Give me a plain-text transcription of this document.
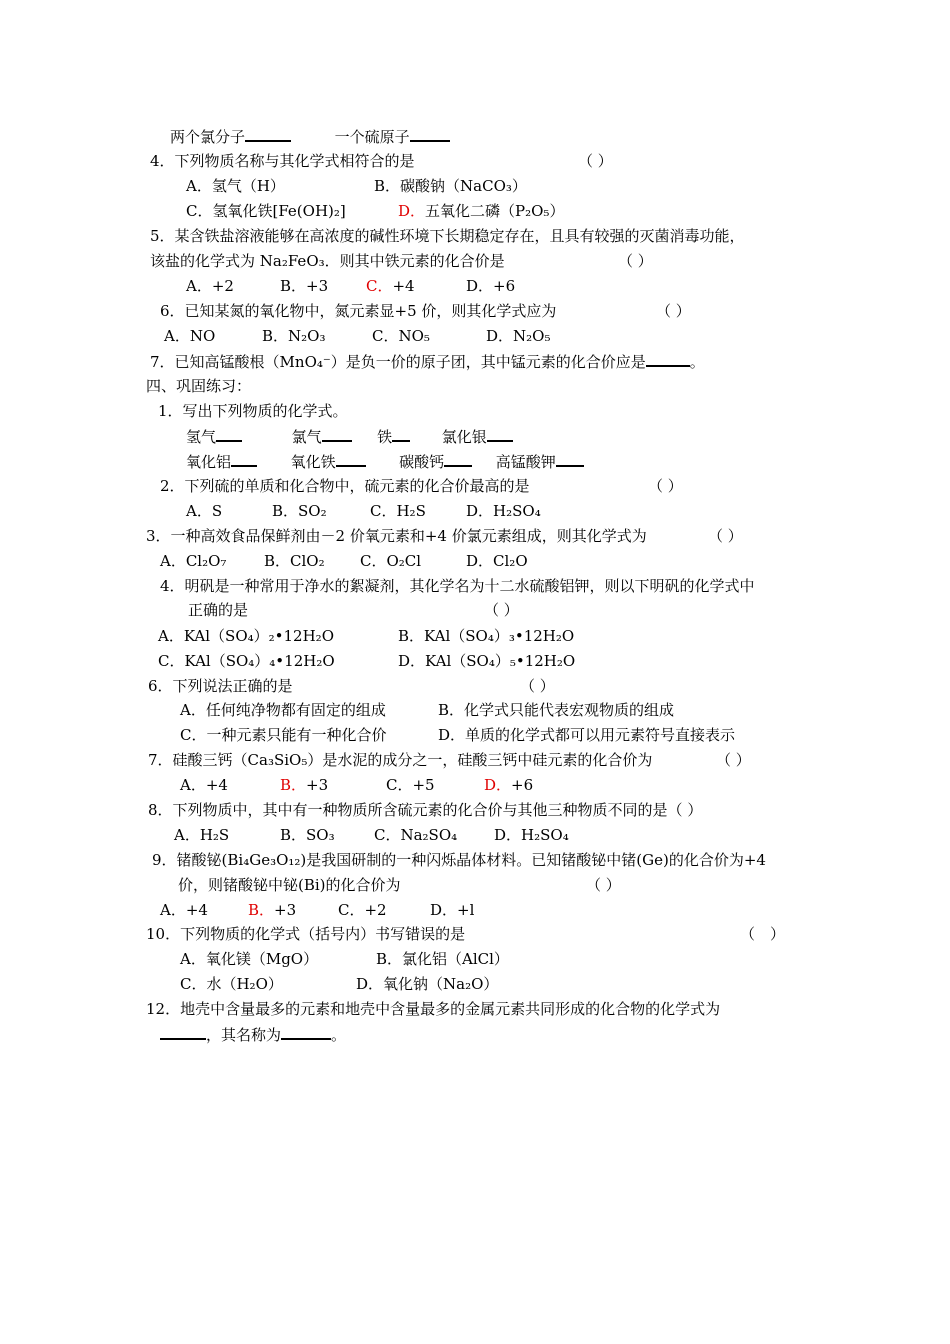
两个氯分子	一个硫原子
4．下列物质名称与其化学式相符合的是	（ ）
A．氢气（H）	B．碳酸钠（NaCO₃）
C．氢氧化铁[Fe(OH)₂]	D．五氧化二磷（P₂O₅）
5．某含铁盐溶液能够在高浓度的碱性环境下长期稳定存在，且具有较强的灭菌消毒功能，
该盐的化学式为 Na₂FeO₃．则其中铁元素的化合价是	（ ）
A．+2	B．+3	C．+4	D．+6
6．已知某氮的氧化物中，氮元素显+5 价，则其化学式应为	（ ）
A．NO	B．N₂O₃	C．NO₅	D．N₂O₅
7．已知高锰酸根（MnO₄⁻）是负一价的原子团，其中锰元素的化合价应是	。
四、巩固练习：
1．写出下列物质的化学式。
氢气	氯气	铁	氯化银
氧化铝	氧化铁	碳酸钙	高锰酸钾
2．下列硫的单质和化合物中，硫元素的化合价最高的是	（ ）
A．S	B．SO₂	C．H₂S	D．H₂SO₄
3．一种高效食品保鲜剂由－2 价氧元素和+4 价氯元素组成，则其化学式为	（ ）
A．Cl₂O₇	B．ClO₂ C．O₂Cl	D．Cl₂O
4．明矾是一种常用于净水的絮凝剂，其化学名为十二水硫酸铝钾，则以下明矾的化学式中
正确的是	（ ）
A．KAl（SO₄）₂•12H₂O	B．KAl（SO₄）₃•12H₂O
C．KAl（SO₄）₄•12H₂O	D．KAl（SO₄）₅•12H₂O
6．下列说法正确的是	（ ）
A．任何纯净物都有固定的组成	B．化学式只能代表宏观物质的组成
C．一种元素只能有一种化合价	D．单质的化学式都可以用元素符号直接表示
7．硅酸三钙（Ca₃SiO₅）是水泥的成分之一，硅酸三钙中硅元素的化合价为	（ ）
A．+4	B．+3	C．+5	D．+6
8．下列物质中，其中有一种物质所含硫元素的化合价与其他三种物质不同的是（ ）
A．H₂S	B．SO₃	C．Na₂SO₄ D．H₂SO₄
9．锗酸铋(Bi₄Ge₃O₁₂)是我国研制的一种闪烁晶体材料。已知锗酸铋中锗(Ge)的化合价为+4
价，则锗酸铋中铋(Bi)的化合价为	（ ）
A．+4	B．+3	C．+2	D．+l
10．下列物质的化学式（括号内）书写错误的是	（　）
A．氧化镁（MgO）	B．氯化铝（AlCl）
C．水（H₂O）	D．氧化钠（Na₂O）
12．地壳中含量最多的元素和地壳中含量最多的金属元素共同形成的化合物的化学式为
，其名称为	。
